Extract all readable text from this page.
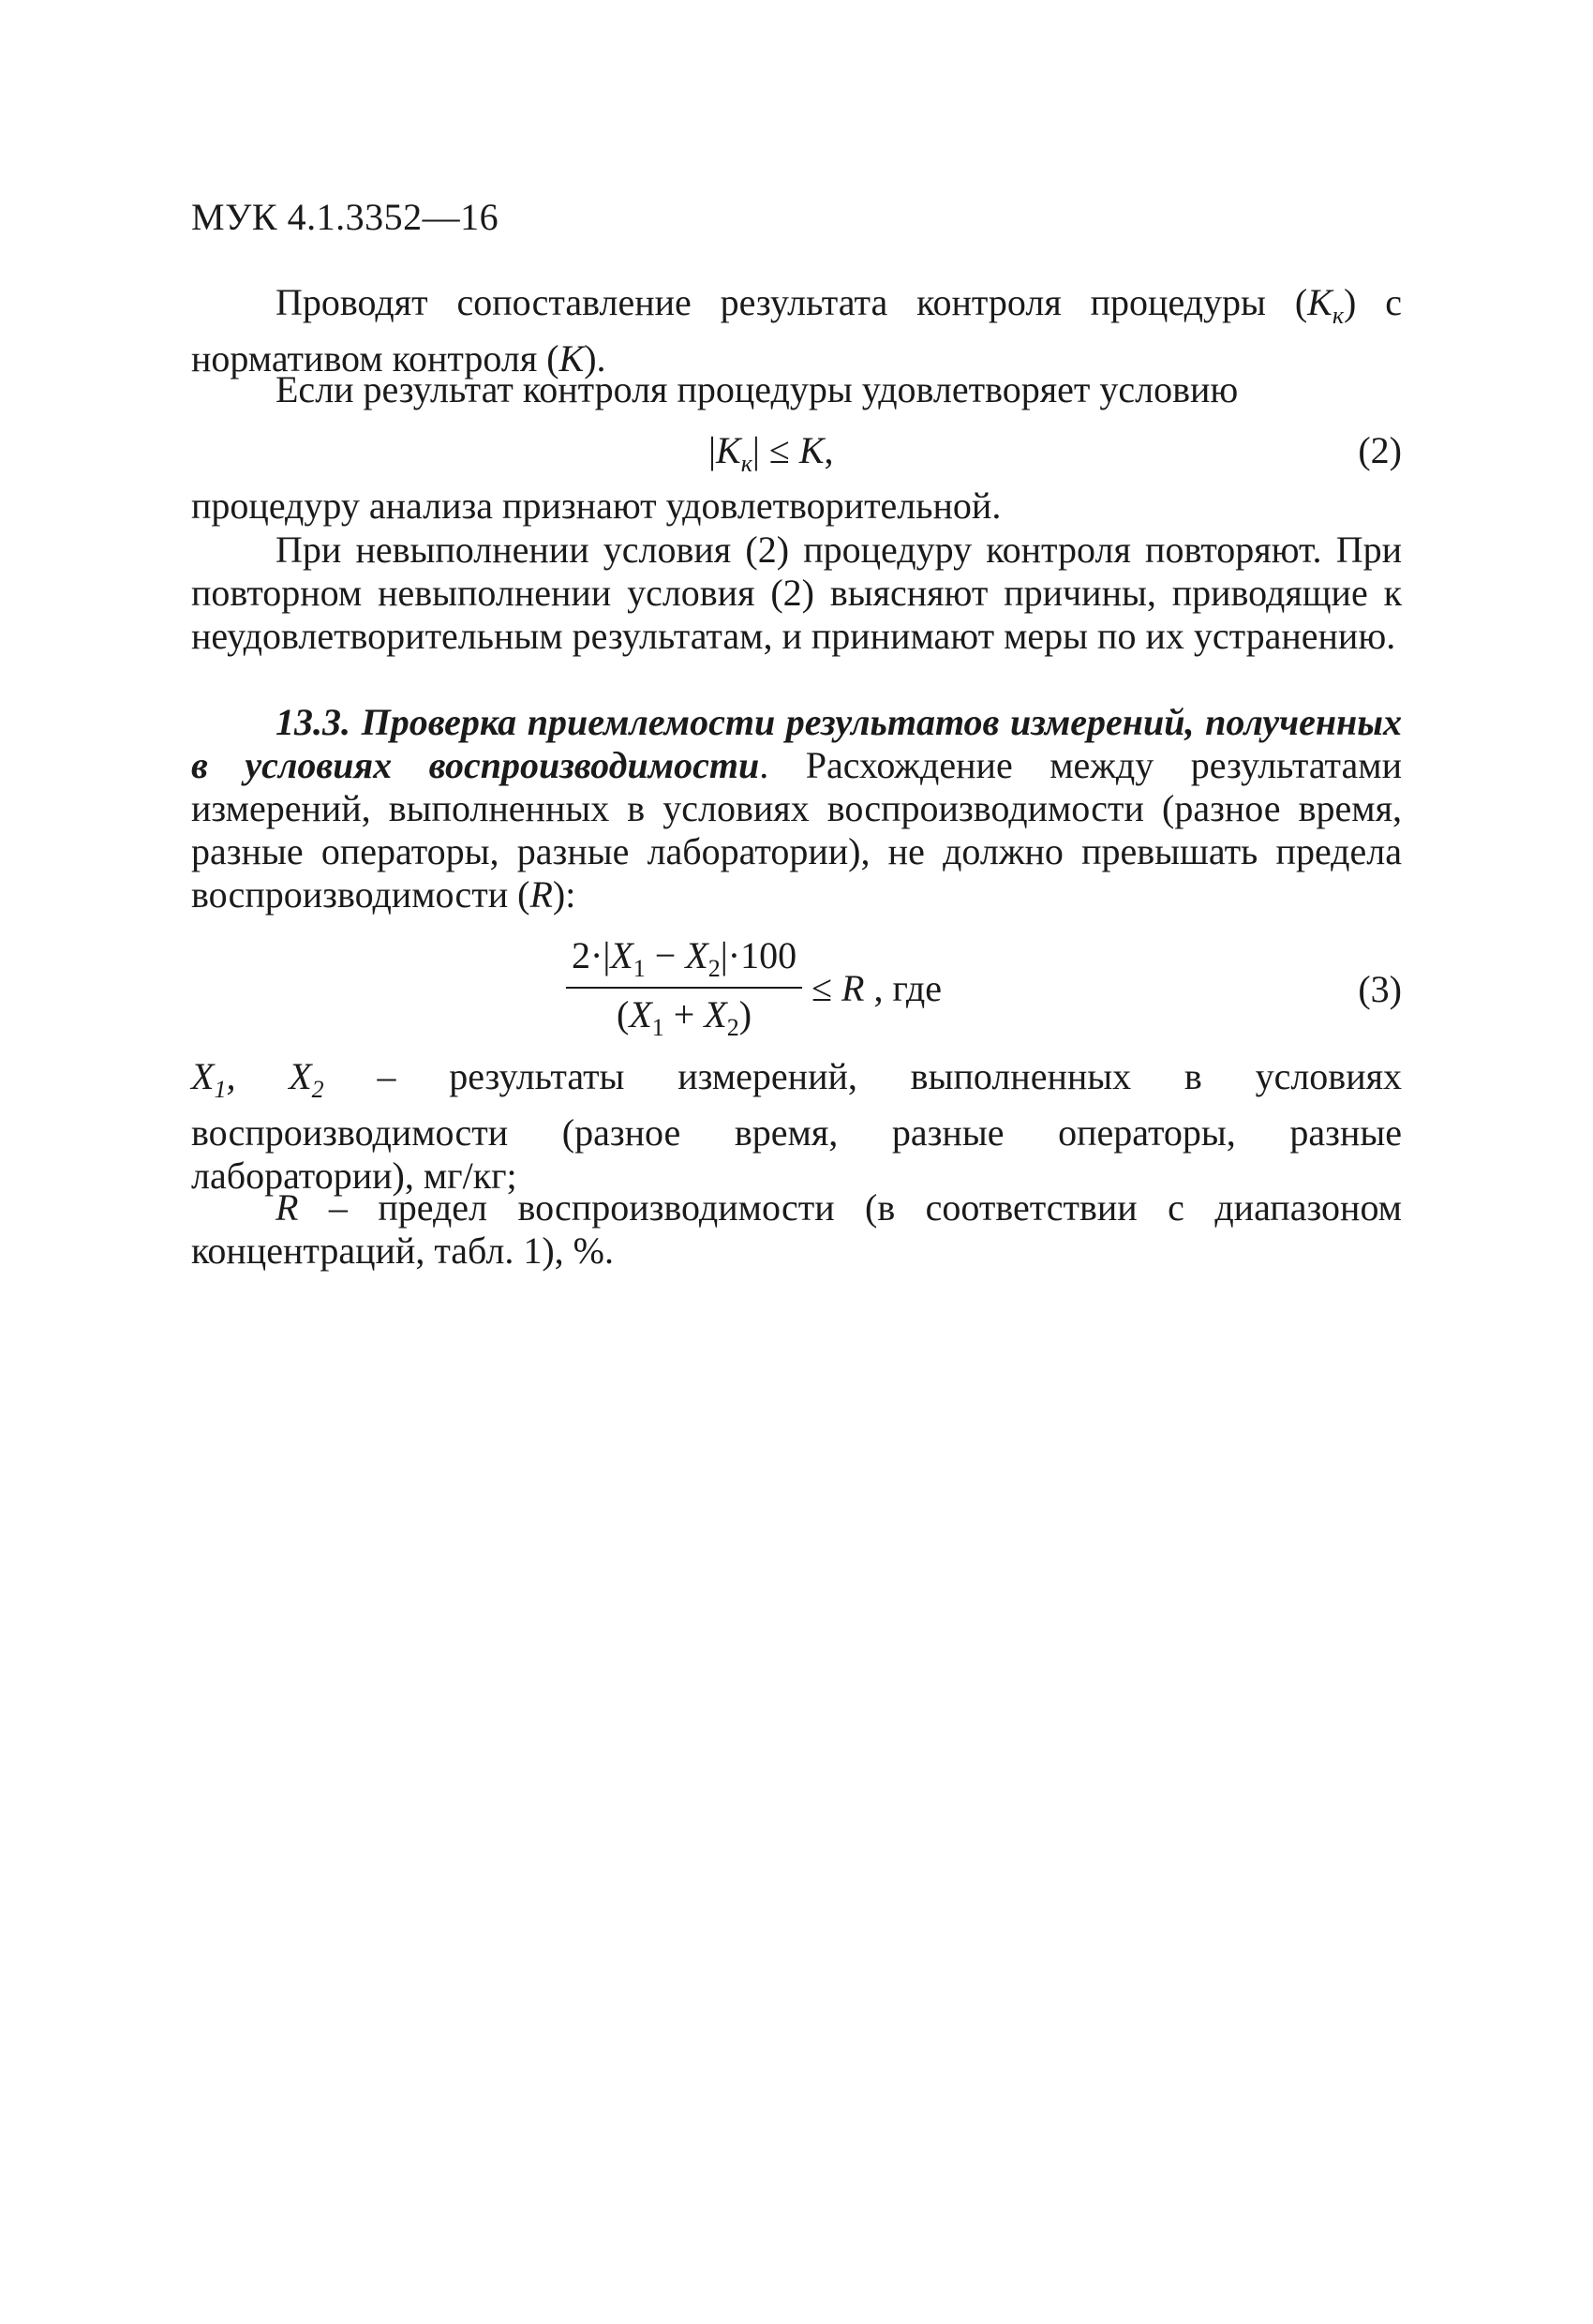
МУК 4.1.3352—16
Проводят сопоставление результата контроля процедуры $(K_к)$ с нормативом контроля (K).
Если результат контроля процедуры удовлетворяет условию
$|K_к| \le K$,	(2)
процедуру анализа признают удовлетворительной.
При невыполнении условия (2) процедуру контроля повторяют. При повторном невыполнении условия (2) выясняют причины, приводящие к неудовлетворительным результатам, и принимают меры по их устранению.
13.3. Проверка приемлемости результатов измерений, полученных в условиях воспроизводимости. Расхождение между результатами измерений, выполненных в условиях воспроизводимости (разное время, разные операторы, разные лаборатории), не должно превышать предела воспроизводимости (R):
$\frac{2\cdot|X_1 - X_2|\cdot 100}{(X_1 + X_2)} \le R$ , где	(3)
$X_1$, $X_2$ – результаты измерений, выполненных в условиях воспроизводимости (разное время, разные операторы, разные лаборатории), мг/кг;
R – предел воспроизводимости (в соответствии с диапазоном концентраций, табл. 1), %.
